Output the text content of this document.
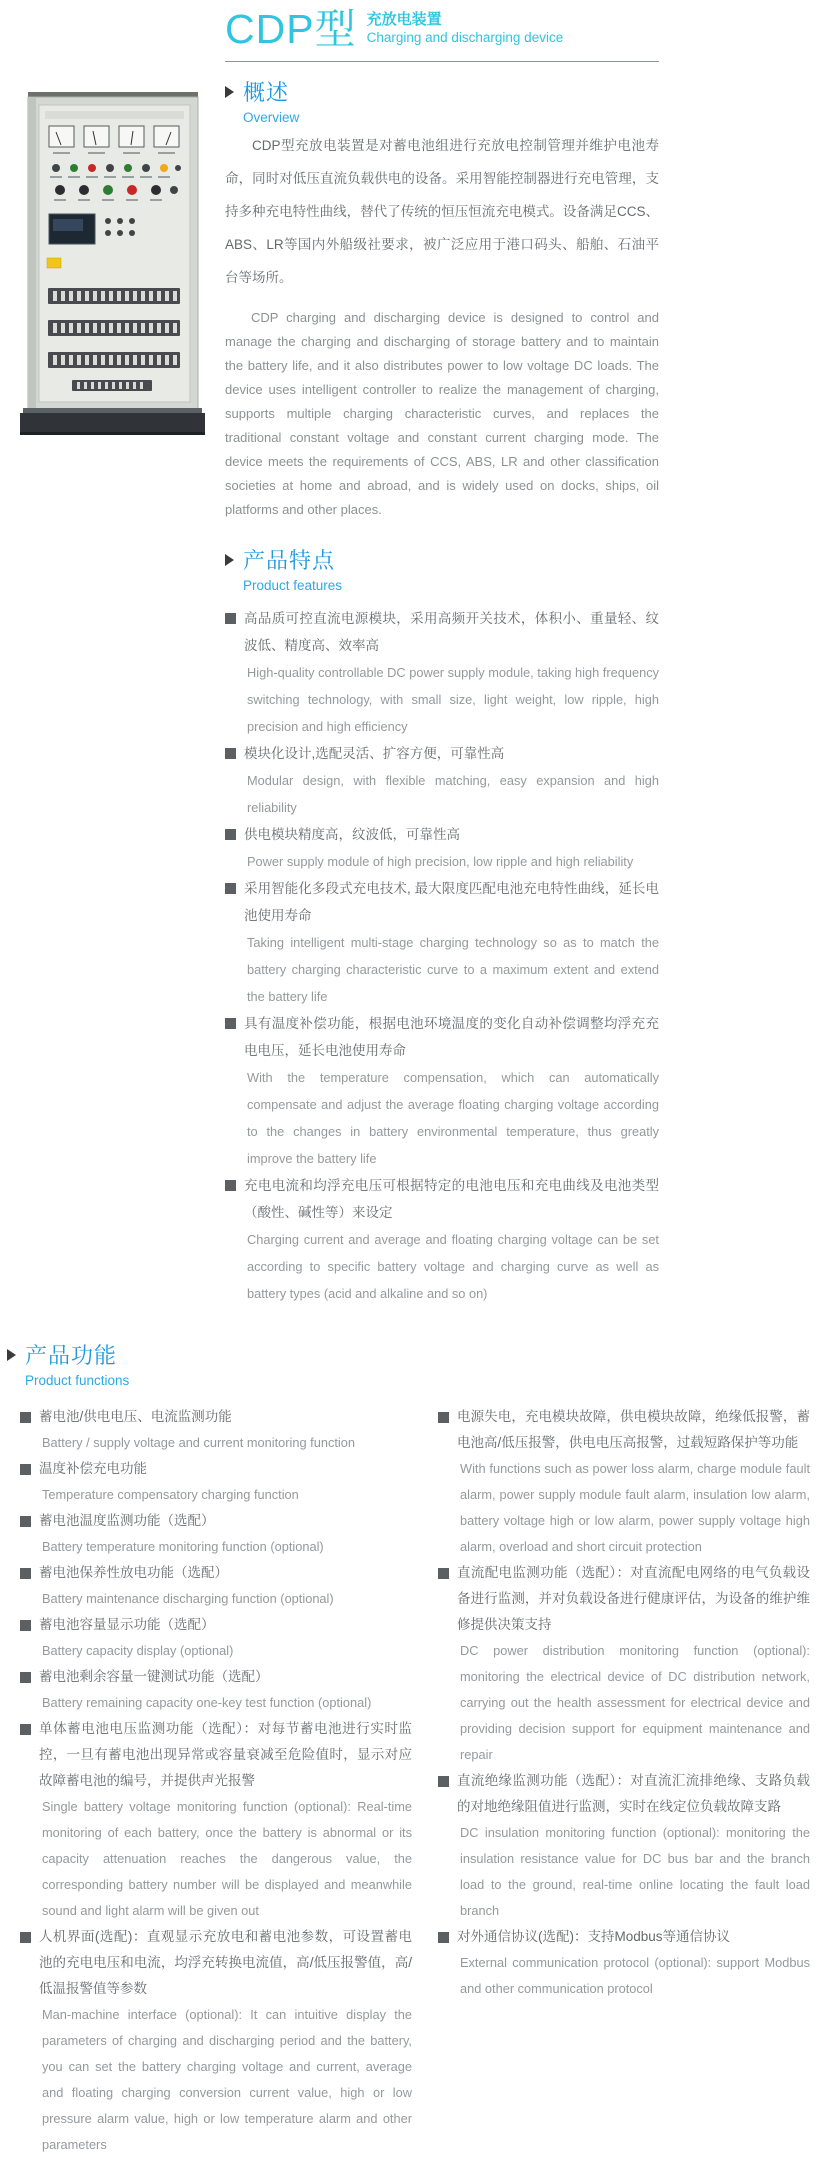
CDP型 充放电装置
Charging and discharging device
概述
Overview
CDP型充放电装置是对蓄电池组进行充放电控制管理并维护电池寿命，同时对低压直流负载供电的设备。采用智能控制器进行充电管理，支持多种充电特性曲线，替代了传统的恒压恒流充电模式。设备满足CCS、ABS、LR等国内外船级社要求，被广泛应用于港口码头、船舶、石油平台等场所。
CDP charging and discharging device is designed to control and manage the charging and discharging of storage battery and to maintain the battery life, and it also distributes power to low voltage DC loads. The device uses intelligent controller to realize the management of charging, supports multiple charging characteristic curves, and replaces the traditional constant voltage and constant current charging mode. The device meets the requirements of CCS, ABS, LR and other classification societies at home and abroad, and is widely used on docks, ships, oil platforms and other places.
产品特点
Product features
高品质可控直流电源模块，采用高频开关技术，体积小、重量轻、纹波低、精度高、效率高
High-quality controllable DC power supply module, taking high frequency switching technology, with small size, light weight, low ripple, high precision and high efficiency
模块化设计,选配灵活、扩容方便，可靠性高
Modular design, with flexible matching, easy expansion and high reliability
供电模块精度高，纹波低，可靠性高
Power supply module of high precision, low ripple and high reliability
采用智能化多段式充电技术, 最大限度匹配电池充电特性曲线，延长电池使用寿命
Taking intelligent multi-stage charging technology so as to match the battery charging characteristic curve to a maximum extent and extend the battery life
具有温度补偿功能，根据电池环境温度的变化自动补偿调整均浮充充电电压，延长电池使用寿命
With the temperature compensation, which can automatically compensate and adjust the average floating charging voltage according to the changes in battery environmental temperature, thus greatly improve the battery life
充电电流和均浮充电压可根据特定的电池电压和充电曲线及电池类型（酸性、碱性等）来设定
Charging current and average and floating charging voltage can be set according to specific battery voltage and charging curve as well as battery types (acid and alkaline and so on)
产品功能
Product functions
蓄电池/供电电压、电流监测功能
Battery / supply voltage and current monitoring function
温度补偿充电功能
Temperature compensatory charging function
蓄电池温度监测功能（选配）
Battery temperature monitoring function (optional)
蓄电池保养性放电功能（选配）
Battery maintenance discharging function (optional)
蓄电池容量显示功能（选配）
Battery capacity display (optional)
蓄电池剩余容量一键测试功能（选配）
Battery remaining capacity one-key test function (optional)
单体蓄电池电压监测功能（选配）：对每节蓄电池进行实时监控，一旦有蓄电池出现异常或容量衰减至危险值时，显示对应故障蓄电池的编号，并提供声光报警
Single battery voltage monitoring function (optional): Real-time monitoring of each battery, once the battery is abnormal or its capacity attenuation reaches the dangerous value, the corresponding battery number will be displayed and meanwhile sound and light alarm will be given out
人机界面(选配)：直观显示充放电和蓄电池参数，可设置蓄电池的充电电压和电流，均浮充转换电流值，高/低压报警值，高/低温报警值等参数
Man-machine interface (optional): It can intuitive display the parameters of charging and discharging period and the battery, you can set the battery charging voltage and current, average and floating charging conversion current value, high or low pressure alarm value, high or low temperature alarm and other parameters
电源失电，充电模块故障，供电模块故障，绝缘低报警，蓄电池高/低压报警，供电电压高报警，过载短路保护等功能
With functions such as power loss alarm, charge module fault alarm, power supply module fault alarm, insulation low alarm, battery voltage high or low alarm, power supply voltage high alarm, overload and short circuit protection
直流配电监测功能（选配）：对直流配电网络的电气负载设备进行监测，并对负载设备进行健康评估，为设备的维护维修提供决策支持
DC power distribution monitoring function (optional): monitoring the electrical device of DC distribution network, carrying out the health assessment for electrical device and providing decision support for equipment maintenance and repair
直流绝缘监测功能（选配）：对直流汇流排绝缘、支路负载的对地绝缘阻值进行监测，实时在线定位负载故障支路
DC insulation monitoring function (optional): monitoring the insulation resistance value for DC bus bar and the branch load to the ground, real-time online locating the fault load branch
对外通信协议(选配)：支持Modbus等通信协议
External communication protocol (optional): support Modbus and other communication protocol
